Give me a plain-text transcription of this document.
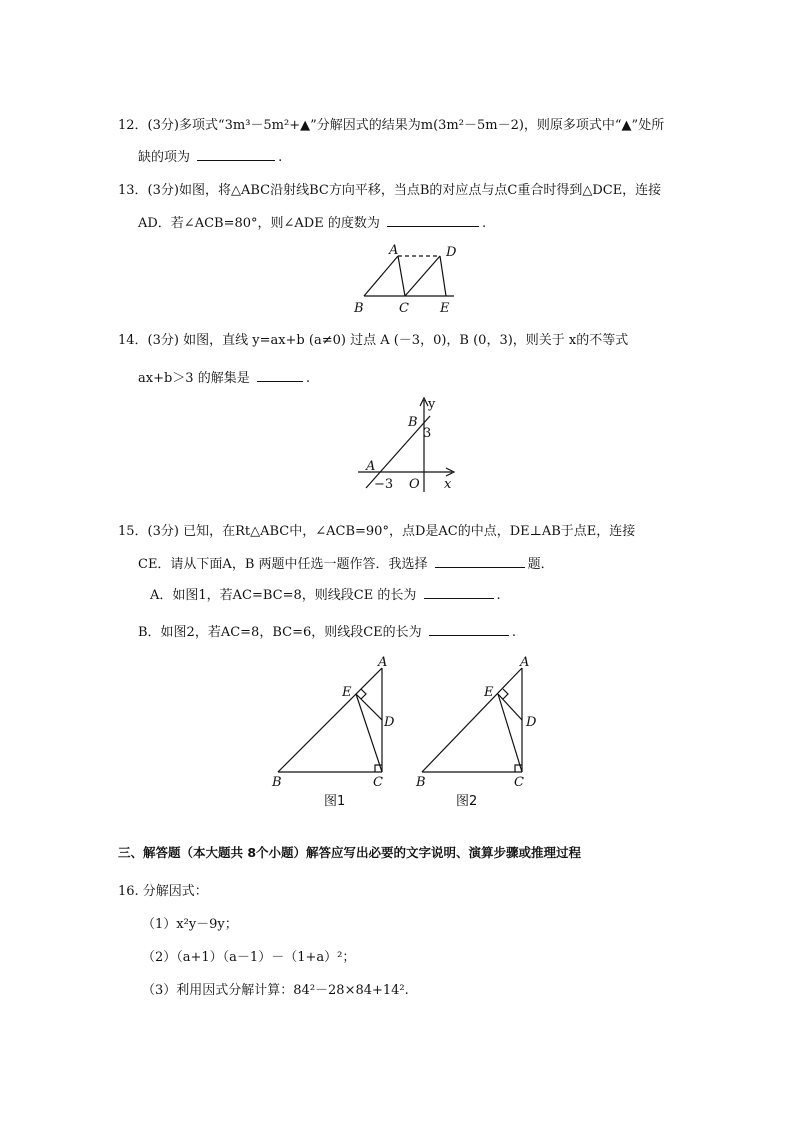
12．(3分)多项式“3m³－5m²+▲”分解因式的结果为m(3m²－5m－2)，则原多项式中“▲”处所
缺的项为	.
13．(3分)如图，将△ABC沿射线BC方向平移，当点B的对应点与点C重合时得到△DCE，连接
AD．若∠ACB=80°，则∠ADE 的度数为	.
A	D
B	C E
14．(3分) 如图，直线 y=ax+b (a≠0) 过点 A (－3，0)，B (0，3)，则关于 x的不等式
ax+b＞3 的解集是	.
y
B
3
A
−3 O x
15．(3分) 已知，在Rt△ABC中，∠ACB=90°，点D是AC的中点，DE⊥AB于点E，连接
CE．请从下面A，B 两题中任选一题作答．我选择	题．
A．如图1，若AC=BC=8，则线段CE 的长为	.
B．如图2，若AC=8，BC=6，则线段CE的长为	.
A
E
D
B	C
图1
A
E
D
B	C
图2
三、解答题（本大题共 8个小题）解答应写出必要的文字说明、演算步骤或推理过程
16. 分解因式：
（1）x²y－9y；
（2）（a+1）（a－1）－（1+a）²；
（3）利用因式分解计算：84²－28×84+14².
